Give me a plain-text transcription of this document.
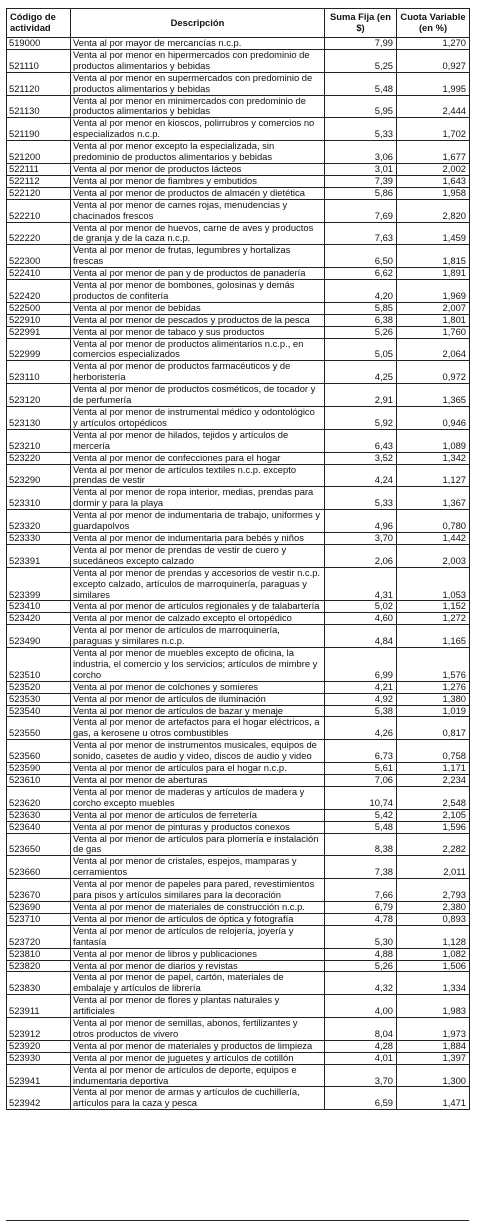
Código de actividad	Descripción	Suma Fija (en $)	Cuota Variable (en %)
519000	Venta al por mayor de mercancías n.c.p.	7,99	1,270
521110	Venta al por menor en hipermercados con predominio de productos alimentarios y bebidas	5,25	0,927
521120	Venta al por menor en supermercados con predominio de productos alimentarios y bebidas	5,48	1,995
521130	Venta al por menor en minimercados con predominio de productos alimentarios y bebidas	5,95	2,444
521190	Venta al por menor en kioscos, polirrubros y comercios no especializados n.c.p.	5,33	1,702
521200	Venta al por menor excepto la especializada, sin predominio de productos alimentarios y bebidas	3,06	1,677
522111	Venta al por menor de productos lácteos	3,01	2,002
522112	Venta al por menor de fiambres y embutidos	7,39	1,643
522120	Venta al por menor de productos de almacén y dietética	5,86	1,958
522210	Venta al por menor de carnes rojas, menudencias y chacinados frescos	7,69	2,820
522220	Venta al por menor de huevos, carne de aves y productos de granja y de la caza n.c.p.	7,63	1,459
522300	Venta al por menor de frutas, legumbres y hortalizas frescas	6,50	1,815
522410	Venta al por menor de pan y de productos de panadería	6,62	1,891
522420	Venta al por menor de bombones, golosinas y demás productos de confitería	4,20	1,969
522500	Venta al por menor de bebidas	5,85	2,007
522910	Venta al por menor de pescados y productos de la pesca	6,38	1,801
522991	Venta al por menor de tabaco y sus productos	5,26	1,760
522999	Venta al por menor de productos alimentarios n.c.p., en comercios especializados	5,05	2,064
523110	Venta al por menor de productos farmacéuticos y de herboristería	4,25	0,972
523120	Venta al por menor de productos cosméticos, de tocador y de perfumería	2,91	1,365
523130	Venta al por menor de instrumental médico y odontológico y artículos ortopédicos	5,92	0,946
523210	Venta al por menor de hilados, tejidos y artículos de mercería	6,43	1,089
523220	Venta al por menor de confecciones para el hogar	3,52	1,342
523290	Venta al por menor de artículos textiles n.c.p. excepto prendas de vestir	4,24	1,127
523310	Venta al por menor de ropa interior, medias, prendas para dormir y para la playa	5,33	1,367
523320	Venta al por menor de indumentaria de trabajo, uniformes y guardapolvos	4,96	0,780
523330	Venta al por menor de indumentaria para bebés y niños	3,70	1,442
523391	Venta al por menor de prendas de vestir de cuero y sucedáneos excepto calzado	2,06	2,003
523399	Venta al por menor de prendas y accesorios de vestir n.c.p. excepto calzado, artículos de marroquinería, paraguas y similares	4,31	1,053
523410	Venta al por menor de artículos regionales y de talabartería	5,02	1,152
523420	Venta al por menor de calzado excepto el ortopédico	4,60	1,272
523490	Venta al por menor de artículos de marroquinería, paraguas y similares n.c.p.	4,84	1,165
523510	Venta al por menor de muebles excepto de oficina, la industria, el comercio y los servicios; artículos de mimbre y corcho	6,99	1,576
523520	Venta al por menor de colchones y somieres	4,21	1,276
523530	Venta al por menor de artículos de iluminación	4,92	1,380
523540	Venta al por menor de artículos de bazar y menaje	5,38	1,019
523550	Venta al por menor de artefactos para el hogar eléctricos, a gas, a kerosene u otros combustibles	4,26	0,817
523560	Venta al por menor de instrumentos musicales, equipos de sonido, casetes de audio y video, discos de audio y video	6,73	0,758
523590	Venta al por menor de artículos para el hogar n.c.p.	5,61	1,171
523610	Venta al por menor de aberturas	7,06	2,234
523620	Venta al por menor de maderas y artículos de madera y corcho excepto muebles	10,74	2,548
523630	Venta al por menor de artículos de ferretería	5,42	2,105
523640	Venta al por menor de pinturas y productos conexos	5,48	1,596
523650	Venta al por menor de artículos para plomería e instalación de gas	8,38	2,282
523660	Venta al por menor de cristales, espejos, mamparas y cerramientos	7,38	2,011
523670	Venta al por menor de papeles para pared, revestimientos para pisos y artículos similares para la decoración	7,66	2,793
523690	Venta al por menor de materiales de construcción n.c.p.	6,79	2,380
523710	Venta al por menor de artículos de óptica y fotografía	4,78	0,893
523720	Venta al por menor de artículos de relojería, joyería y fantasía	5,30	1,128
523810	Venta al por menor de libros y publicaciones	4,88	1,082
523820	Venta al por menor de diarios y revistas	5,26	1,506
523830	Venta al por menor de papel, cartón, materiales de embalaje y artículos de librería	4,32	1,334
523911	Venta al por menor de flores y plantas naturales y artificiales	4,00	1,983
523912	Venta al por menor de semillas, abonos, fertilizantes y otros productos de vivero	8,04	1,973
523920	Venta al por menor de materiales y productos de limpieza	4,28	1,884
523930	Venta al por menor de juguetes y artículos de cotillón	4,01	1,397
523941	Venta al por menor de artículos de deporte, equipos e indumentaria deportiva	3,70	1,300
523942	Venta al por menor de armas y artículos de cuchillería, artículos para la caza y pesca	6,59	1,471
